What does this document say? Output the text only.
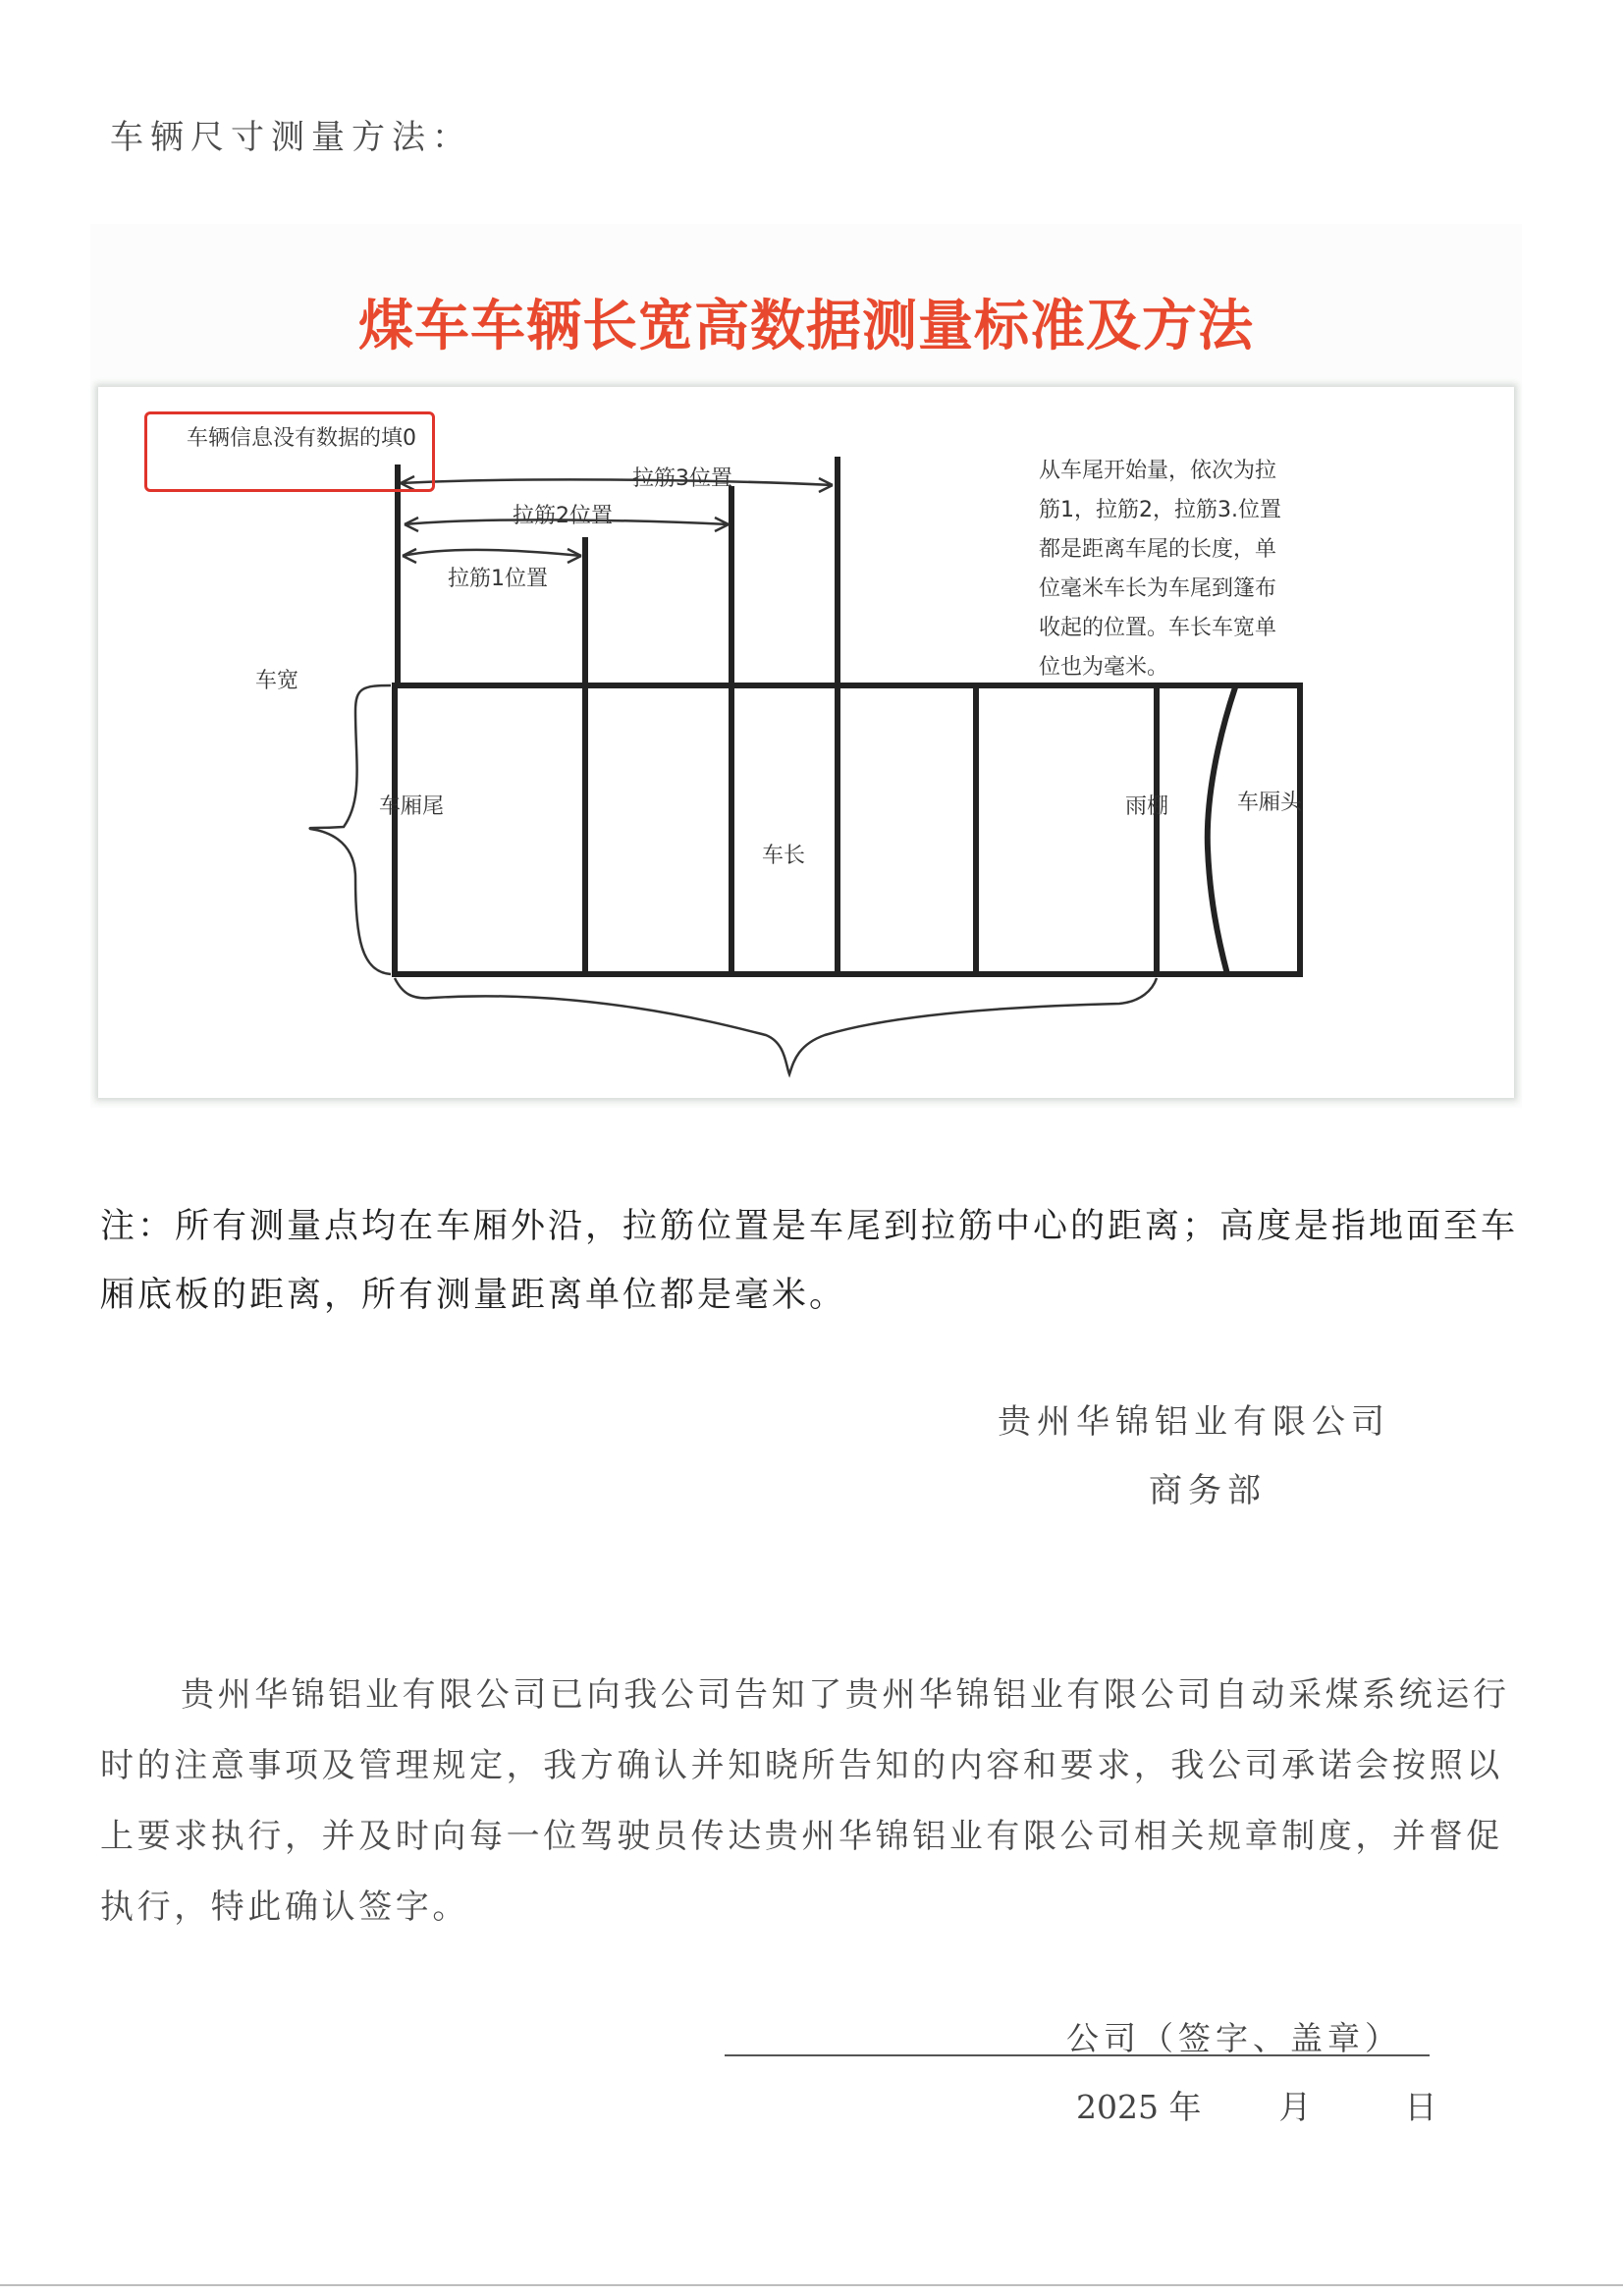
车辆尺寸测量方法：
煤车车辆长宽高数据测量标准及方法
车辆信息没有数据的填0
从车尾开始量，依次为拉筋1，拉筋2，拉筋3.位置都是距离车尾的长度，单位毫米车长为车尾到篷布收起的位置。车长车宽单位也为毫米。
拉筋3位置
拉筋2位置
拉筋1位置
车宽
车厢尾	雨棚	车厢头
车长
注：所有测量点均在车厢外沿，拉筋位置是车尾到拉筋中心的距离；高度是指地面至车厢底板的距离，所有测量距离单位都是毫米。
贵州华锦铝业有限公司
商务部
贵州华锦铝业有限公司已向我公司告知了贵州华锦铝业有限公司自动采煤系统运行时的注意事项及管理规定，我方确认并知晓所告知的内容和要求，我公司承诺会按照以上要求执行，并及时向每一位驾驶员传达贵州华锦铝业有限公司相关规章制度，并督促执行，特此确认签字。
公司（签字、盖章）
2025 年 月	日
